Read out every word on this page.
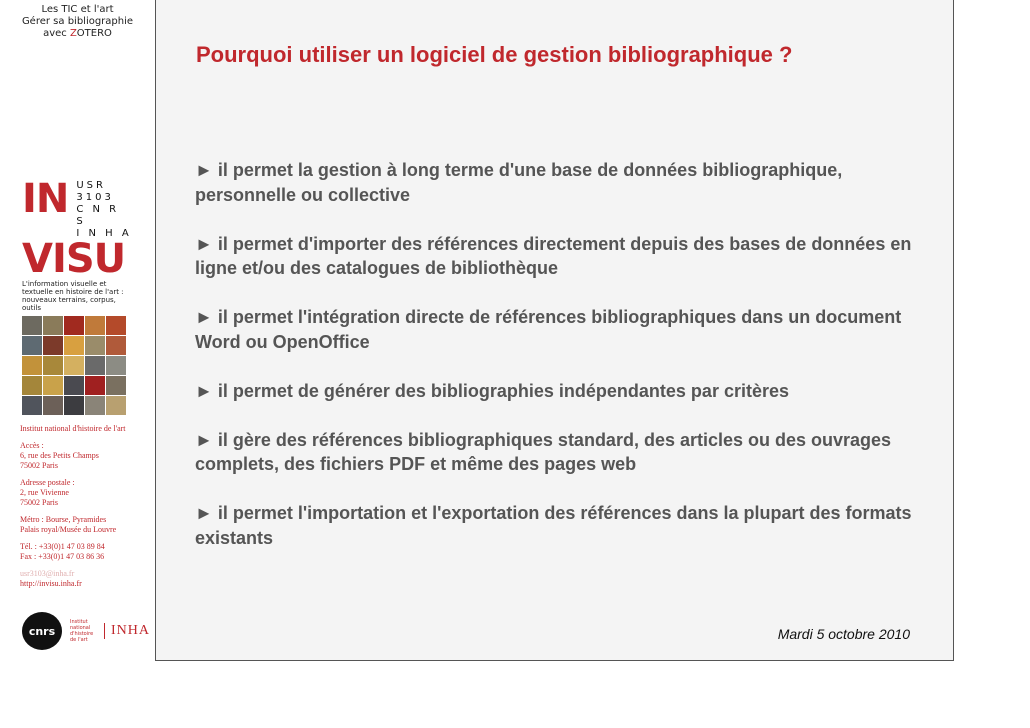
Les TIC et l'art
Gérer sa bibliographie
avec ZOTERO
IN USR 3103
C N R S
I N H A
VISU
L'information visuelle et textuelle en histoire de l'art : nouveaux terrains, corpus, outils
Institut national d'histoire de l'art
Accès :
6, rue des Petits Champs
75002 Paris
Adresse postale :
2, rue Vivienne
75002 Paris
Métro : Bourse, Pyramides
Palais royal/Musée du Louvre
Tél. : +33(0)1 47 03 89 84
Fax : +33(0)1 47 03 86 36
usr3103@inha.fr
http://invisu.inha.fr
cnrs
Institut
national
d'histoire
de l'art
INHA
Pourquoi utiliser un logiciel de gestion bibliographique ?
► il permet la gestion à long terme d'une base de données bibliographique, personnelle ou collective
► il permet d'importer des références directement depuis des bases de données en ligne et/ou des catalogues de bibliothèque
► il permet l'intégration directe de références bibliographiques dans un document Word ou OpenOffice
► il permet de générer des bibliographies indépendantes par critères
► il gère des références bibliographiques standard, des articles ou des ouvrages complets, des fichiers PDF et même des pages web
► il permet l'importation et l'exportation des références dans la plupart des formats existants
Mardi 5 octobre 2010
